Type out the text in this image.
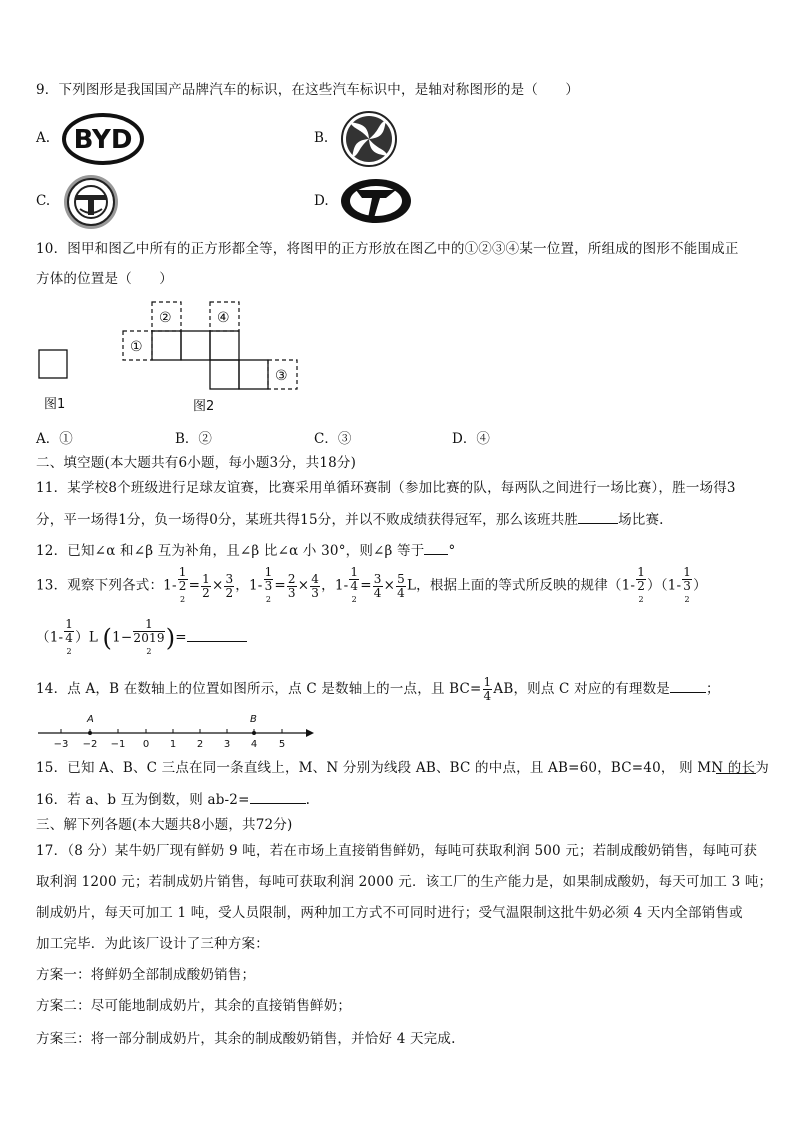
9．下列图形是我国国产品牌汽车的标识，在这些汽车标识中，是轴对称图形的是（　　）
A. BYD	B.
C.	D.
10．图甲和图乙中所有的正方形都全等，将图甲的正方形放在图乙中的①②③④某一位置，所组成的图形不能围成正
方体的位置是（　　）
图1
①
②
③
④
图2
A．①	B．②	C．③	D．④
二、填空题(本大题共有6小题，每小题3分，共18分)
11．某学校8个班级进行足球友谊赛，比赛采用单循环赛制（参加比赛的队，每两队之间进行一场比赛），胜一场得3
分，平一场得1分，负一场得0分，某班共得15分，并以不败成绩获得冠军，那么该班共胜	场比赛.
12．已知∠α 和∠β 互为补角，且∠β 比∠α 小 30°，则∠β 等于 °
13．观察下列各式：1- 1
2
$2 = \frac{1}{2} \times \frac{3}{2}$ ，1- 1
3
$2 = \frac{2}{3} \times \frac{4}{3}$ ，1- 1
4
$2 = \frac{3}{4} \times \frac{5}{4}$ L，根据上面的等式所反映的规律（1- 1
2
2 ）（1- 1
3
2 ）
（1- 1
4
2 ）L (1− 1
2019
2 )=
14．点 A，B 在数轴上的位置如图所示，点 C 是数轴上的一点，且 $BC= \frac{1}{4}$ AB，则点 C 对应的有理数是	；
A	B
−3 −2 −1 0 1 2 3 4 5
15．已知 A、B、C 三点在同一条直线上，M、N 分别为线段 AB、BC 的中点，且 AB=60，BC=40， 则 MN 的长为
16．若 a、b 互为倒数，则 ab-2=	.
三、解下列各题(本大题共8小题，共72分)
17．（8 分）某牛奶厂现有鲜奶 9 吨，若在市场上直接销售鲜奶，每吨可获取利润 500 元；若制成酸奶销售，每吨可获
取利润 1200 元；若制成奶片销售，每吨可获取利润 2000 元．该工厂的生产能力是，如果制成酸奶，每天可加工 3 吨；
制成奶片，每天可加工 1 吨，受人员限制，两种加工方式不可同时进行；受气温限制这批牛奶必须 4 天内全部销售或
加工完毕．为此该厂设计了三种方案：
方案一：将鲜奶全部制成酸奶销售；
方案二：尽可能地制成奶片，其余的直接销售鲜奶；
方案三：将一部分制成奶片，其余的制成酸奶销售，并恰好 4 天完成.
